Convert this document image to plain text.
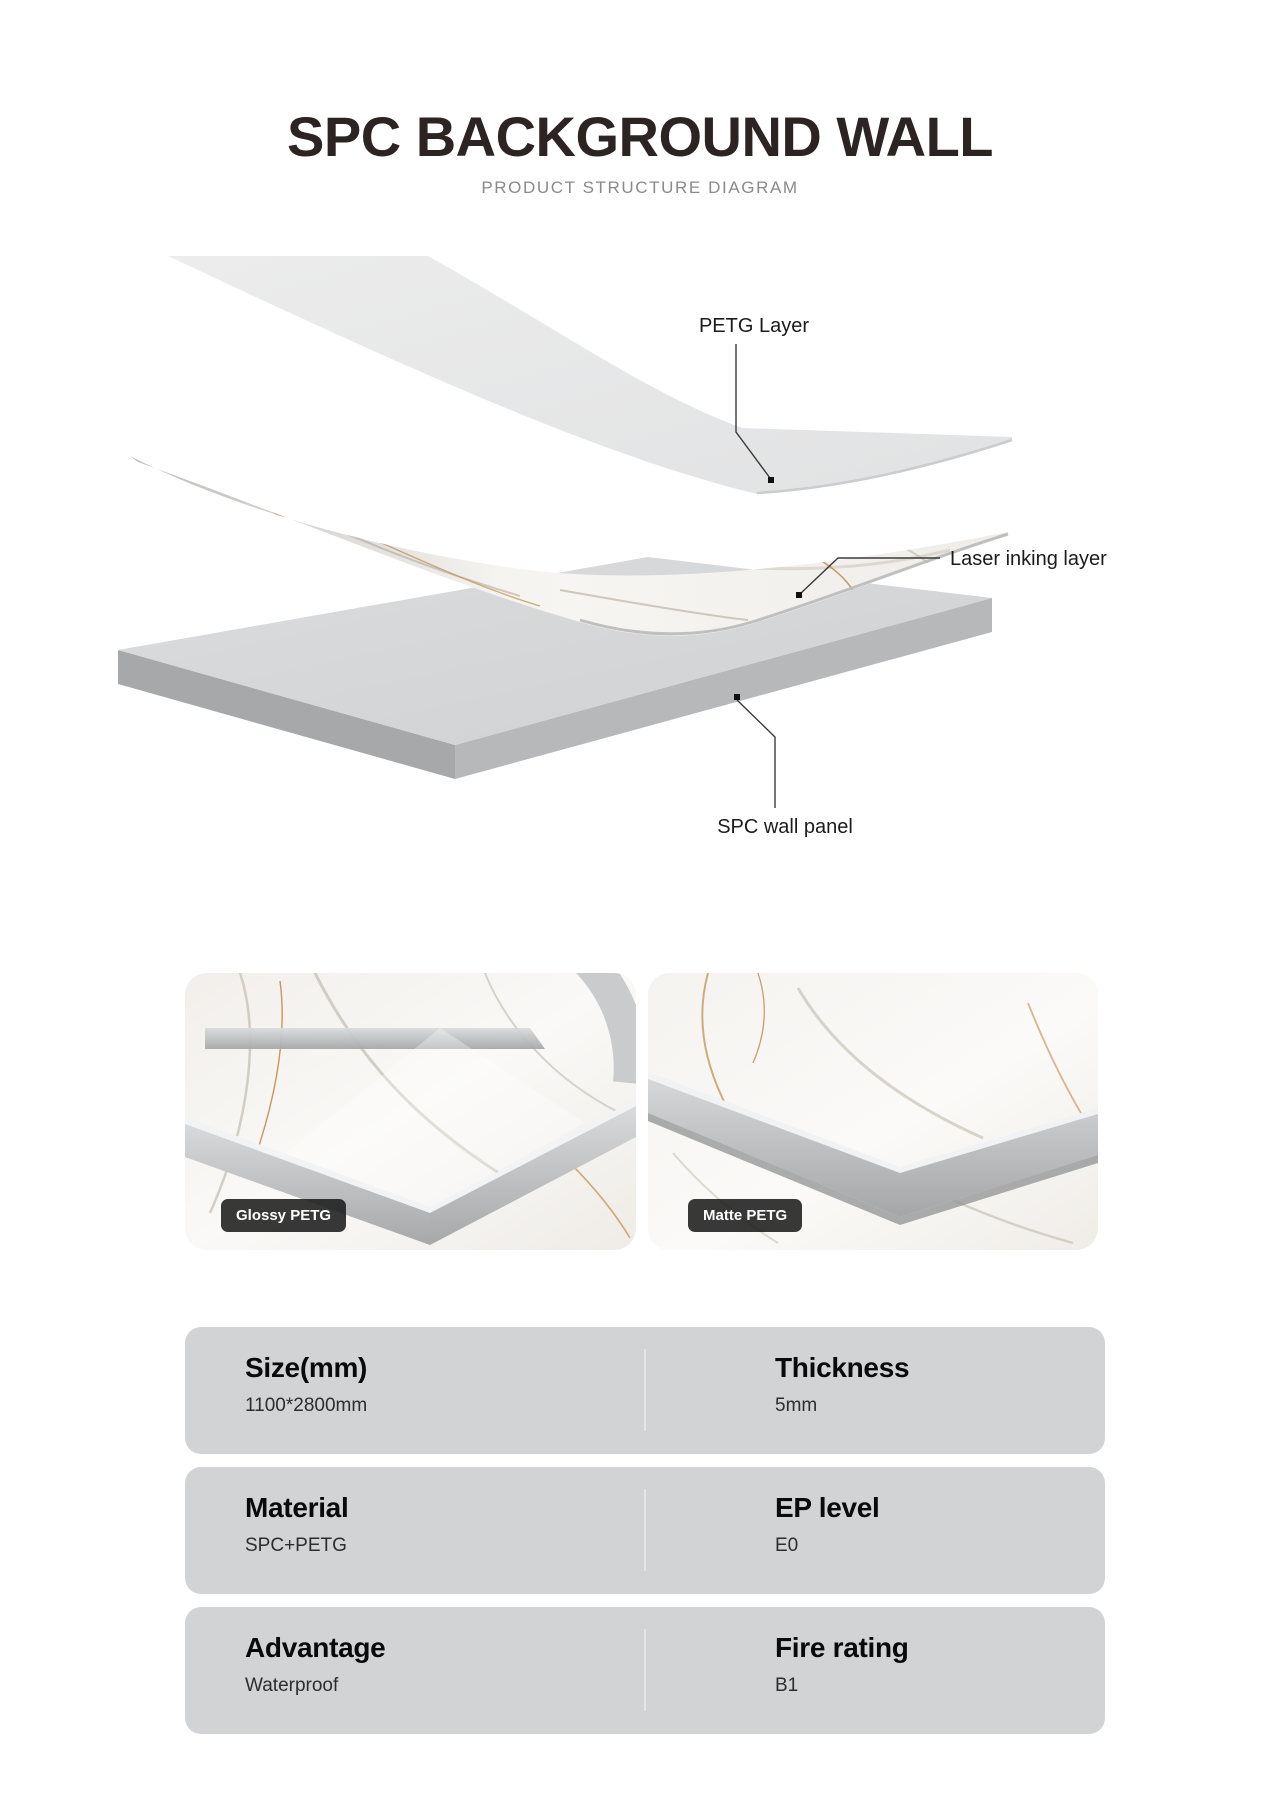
SPC BACKGROUND WALL
PRODUCT STRUCTURE DIAGRAM
PETG Layer
Laser inking layer
SPC wall panel
Glossy PETG	Matte PETG
Size(mm)

1100*2800mm

Thickness

5mm

Material

SPC+PETG

EP level

E0

Advantage

Waterproof

Fire rating

B1
